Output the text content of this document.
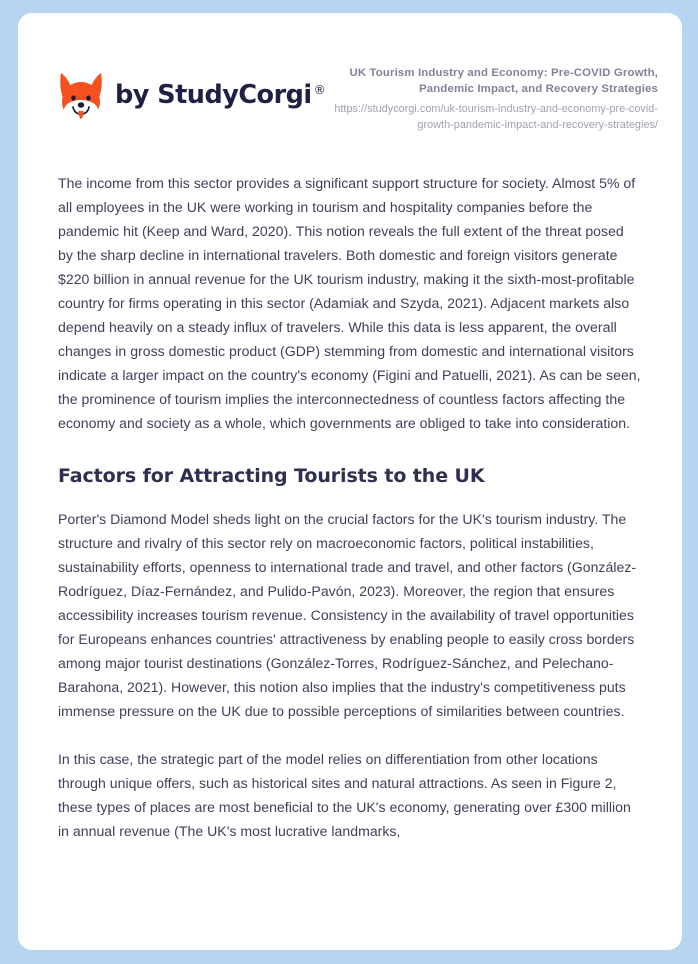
by StudyCorgi ®
UK Tourism Industry and Economy: Pre-COVID Growth, Pandemic Impact, and Recovery Strategies
https://studycorgi.com/uk-tourism-industry-and-economy-pre-covid-growth-pandemic-impact-and-recovery-strategies/

The income from this sector provides a significant support structure for society. Almost 5% of all employees in the UK were working in tourism and hospitality companies before the pandemic hit (Keep and Ward, 2020). This notion reveals the full extent of the threat posed by the sharp decline in international travelers. Both domestic and foreign visitors generate $220 billion in annual revenue for the UK tourism industry, making it the sixth-most-profitable country for firms operating in this sector (Adamiak and Szyda, 2021). Adjacent markets also depend heavily on a steady influx of travelers. While this data is less apparent, the overall changes in gross domestic product (GDP) stemming from domestic and international visitors indicate a larger impact on the country's economy (Figini and Patuelli, 2021). As can be seen, the prominence of tourism implies the interconnectedness of countless factors affecting the economy and society as a whole, which governments are obliged to take into consideration.

Factors for Attracting Tourists to the UK

Porter's Diamond Model sheds light on the crucial factors for the UK's tourism industry. The structure and rivalry of this sector rely on macroeconomic factors, political instabilities, sustainability efforts, openness to international trade and travel, and other factors (González-Rodríguez, Díaz-Fernández, and Pulido-Pavón, 2023). Moreover, the region that ensures accessibility increases tourism revenue. Consistency in the availability of travel opportunities for Europeans enhances countries' attractiveness by enabling people to easily cross borders among major tourist destinations (González-Torres, Rodríguez-Sánchez, and Pelechano-Barahona, 2021). However, this notion also implies that the industry's competitiveness puts immense pressure on the UK due to possible perceptions of similarities between countries.

In this case, the strategic part of the model relies on differentiation from other locations through unique offers, such as historical sites and natural attractions. As seen in Figure 2, these types of places are most beneficial to the UK's economy, generating over £300 million in annual revenue (The UK's most lucrative landmarks,
